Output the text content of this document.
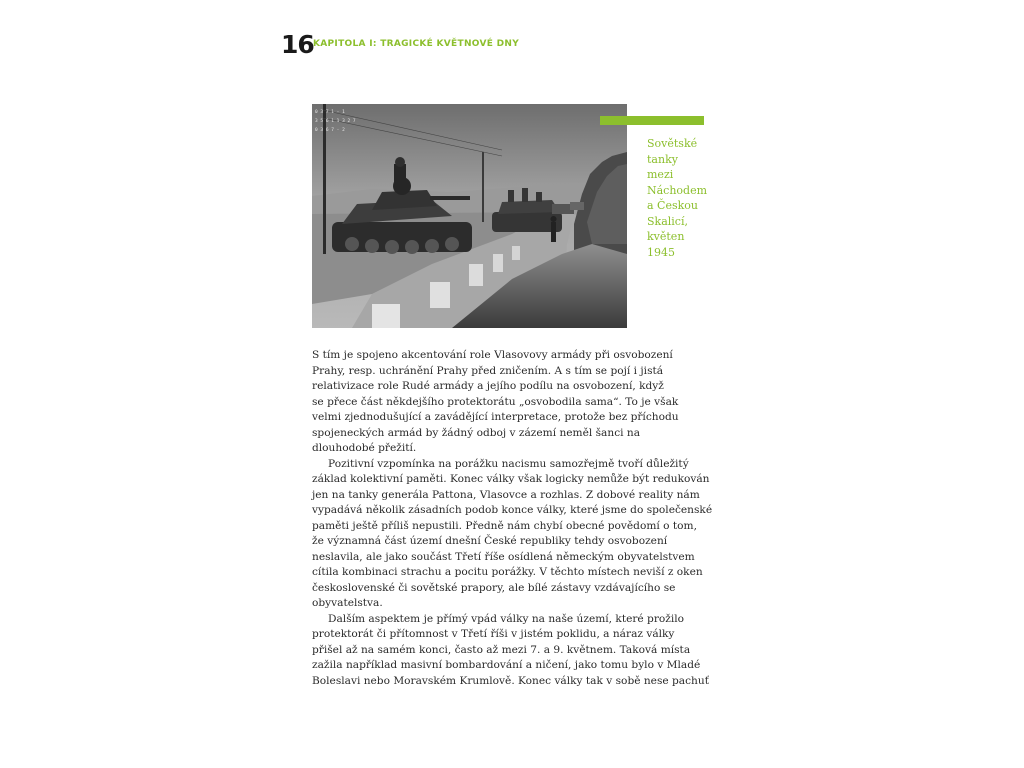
16 KAPITOLA I: TRAGICKÉ KVĚTNOVÉ DNY
0 3 7 1 - 1
3 5 6 1 1 3 2 7
0 3 6 7 - 2
Sovětské
tanky
mezi
Náchodem
a Českou
Skalicí,
květen
1945
S tím je spojeno akcentování role Vlasovovy armády při osvobození
Prahy, resp. uchránění Prahy před zničením. A s tím se pojí i jistá
relativizace role Rudé armády a jejího podílu na osvobození, když
se přece část někdejšího protektorátu „osvobodila sama“. To je však
velmi zjednodušující a zavádějící interpretace, protože bez příchodu
spojeneckých armád by žádný odboj v zázemí neměl šanci na
dlouhodobé přežití.
Pozitivní vzpomínka na porážku nacismu samozřejmě tvoří důležitý
základ kolektivní paměti. Konec války však logicky nemůže být redukován
jen na tanky generála Pattona, Vlasovce a rozhlas. Z dobové reality nám
vypadává několik zásadních podob konce války, které jsme do společenské
paměti ještě příliš nepustili. Předně nám chybí obecné povědomí o tom,
že významná část území dnešní České republiky tehdy osvobození
neslavila, ale jako součást Třetí říše osídlená německým obyvatelstvem
cítila kombinaci strachu a pocitu porážky. V těchto místech neviší z oken
československé či sovětské prapory, ale bílé zástavy vzdávajícího se
obyvatelstva.
Dalším aspektem je přímý vpád války na naše území, které prožilo
protektorát či přítomnost v Třetí říši v jistém poklidu, a náraz války
přišel až na samém konci, často až mezi 7. a 9. květnem. Taková místa
zažila například masivní bombardování a ničení, jako tomu bylo v Mladé
Boleslavi nebo Moravském Krumlově. Konec války tak v sobě nese pachuť
